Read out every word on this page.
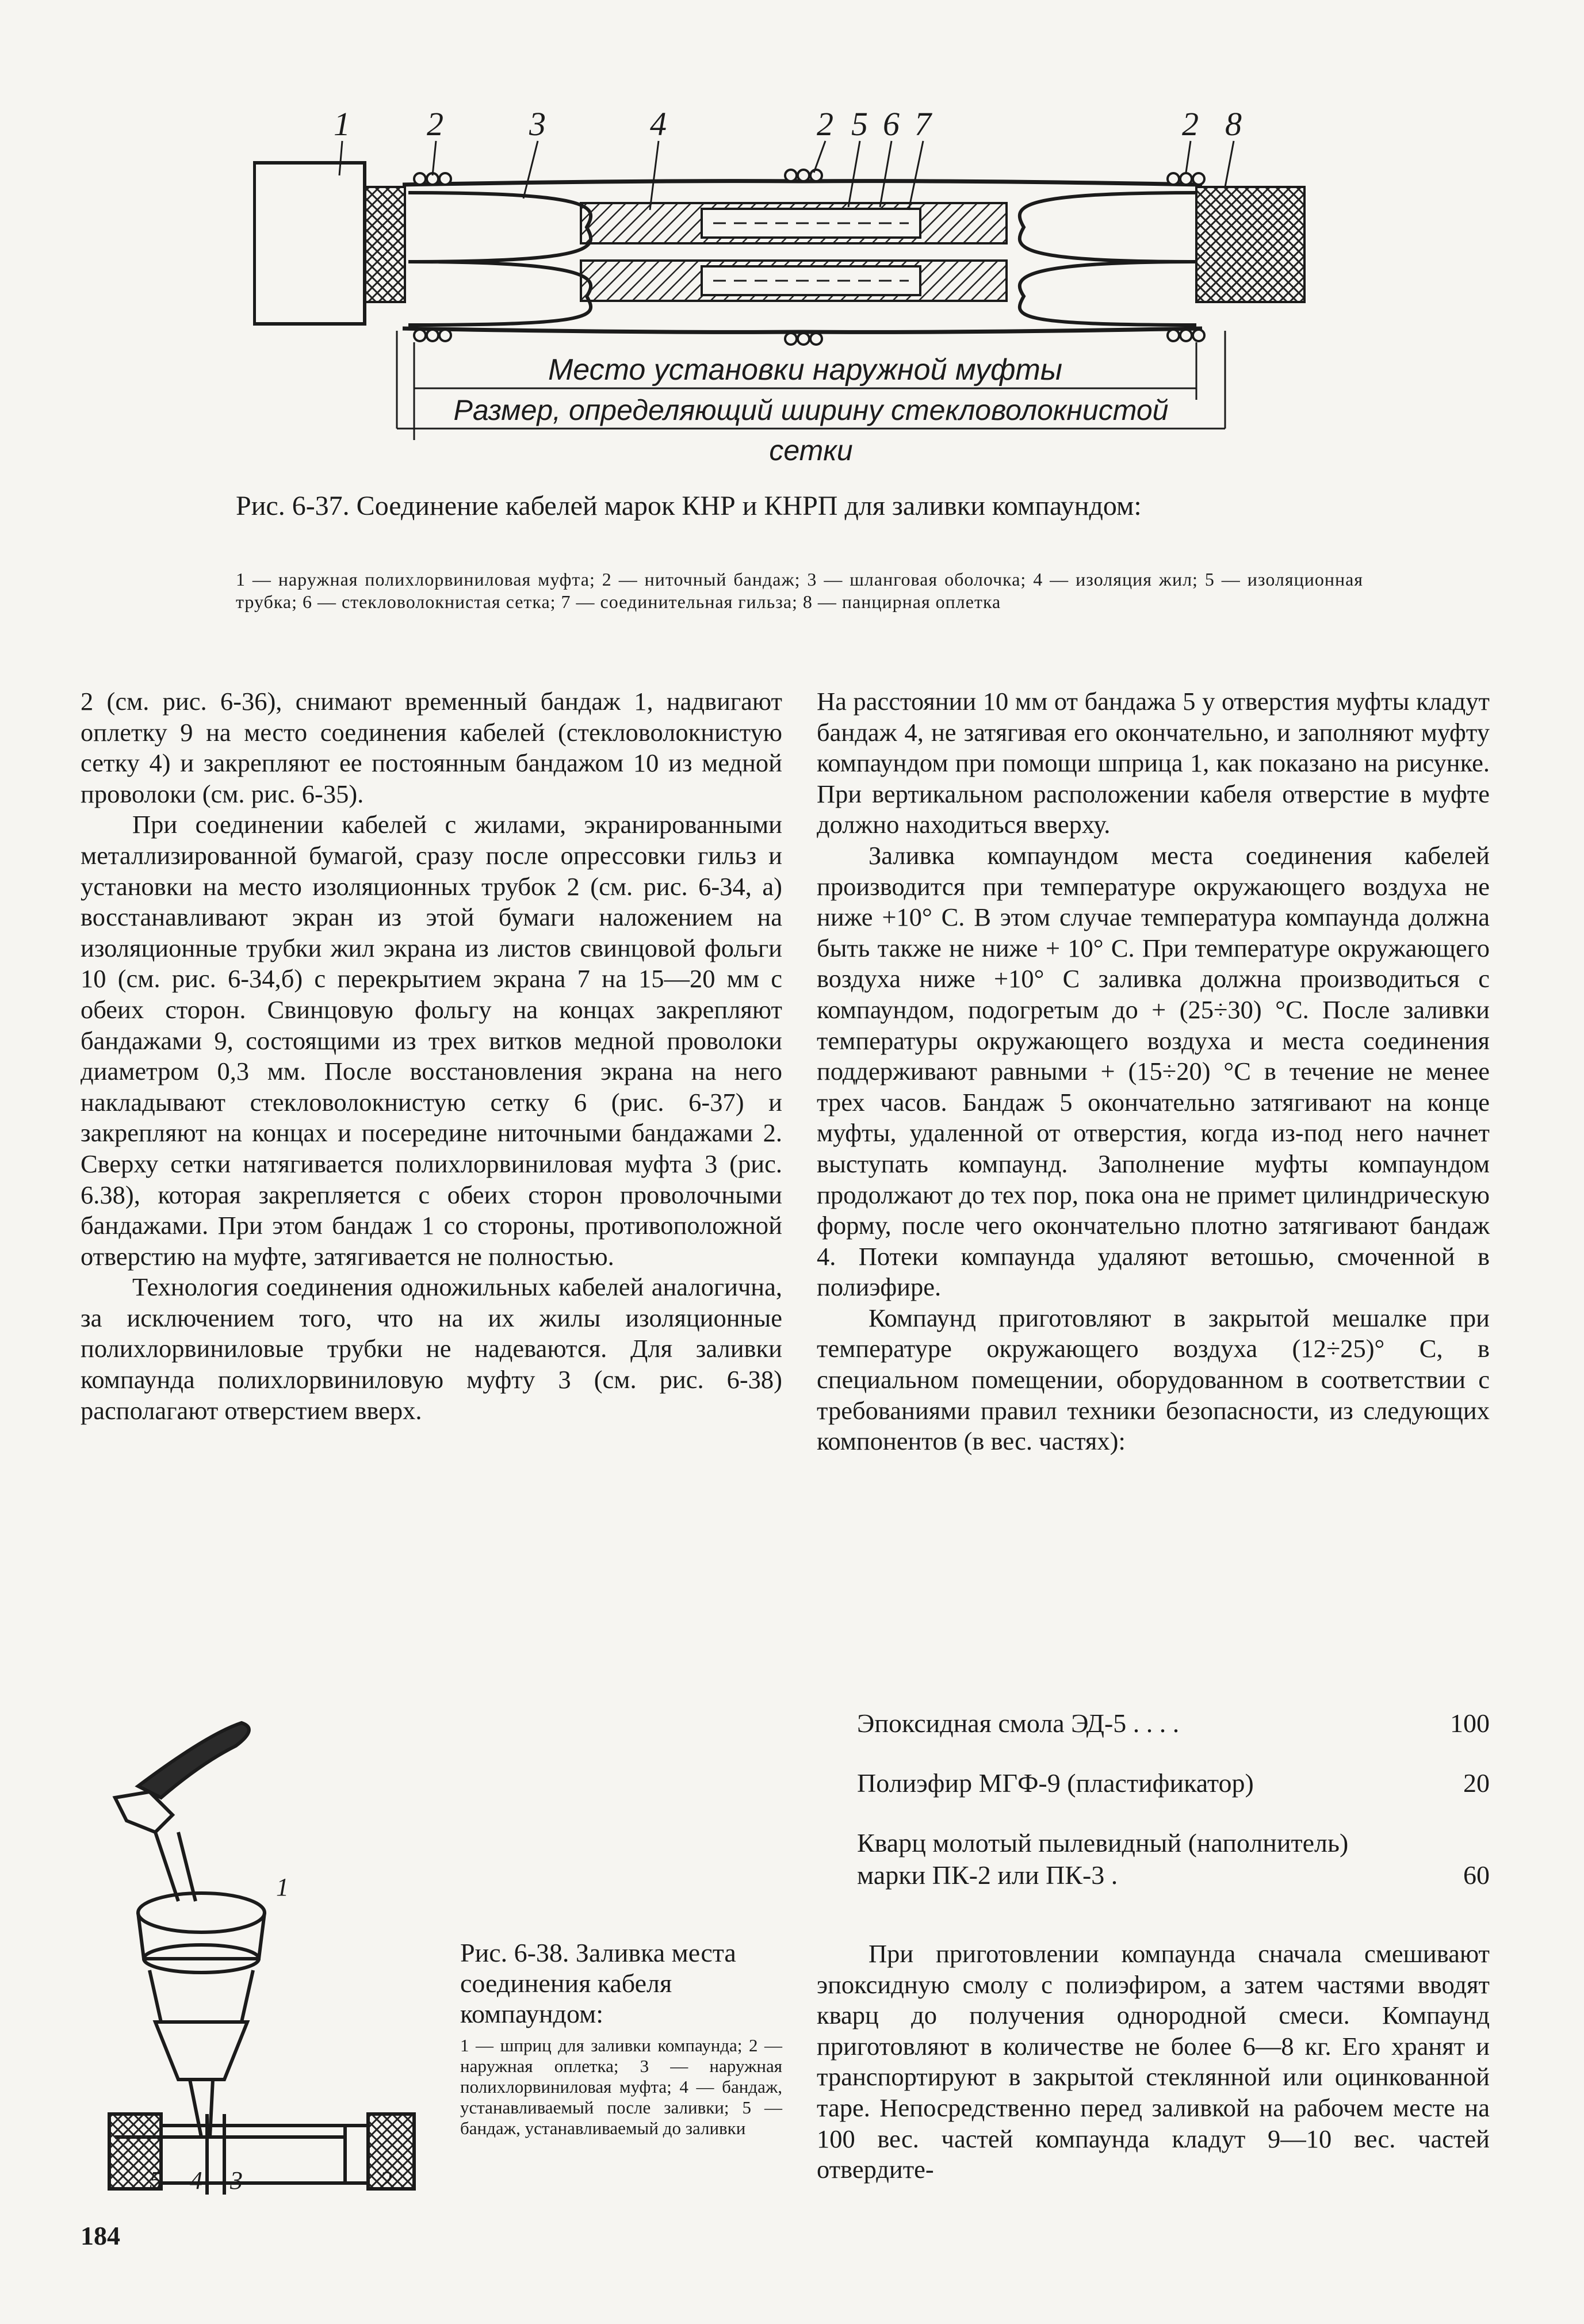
1 2	3	4	2 5 6 7	2 8
Место установки наружной муфты
Размер, определяющий ширину стекловолокнистой
сетки
Рис. 6-37. Соединение кабелей марок КНР и КНРП для заливки компаундом:
1 — наружная полихлорвиниловая муфта; 2 — ниточный бандаж; 3 — шланговая оболочка; 4 — изоляция жил; 5 — изоляционная трубка; 6 — стекловолокнистая сетка; 7 — соединительная гильза; 8 — панцирная оплетка

2 (см. рис. 6-36), снимают временный бандаж 1, надвигают оплетку 9 на место соединения кабелей (стекловолокнистую сетку 4) и закрепляют ее постоянным бандажом 10 из медной проволоки (см. рис. 6-35).

При соединении кабелей с жилами, экранированными металлизированной бумагой, сразу после опрессовки гильз и установки на место изоляционных трубок 2 (см. рис. 6-34, а) восстанавливают экран из этой бумаги наложением на изоляционные трубки жил экрана из листов свинцовой фольги 10 (см. рис. 6-34,б) с перекрытием экрана 7 на 15—20 мм с обеих сторон. Свинцовую фольгу на концах закрепляют бандажами 9, состоящими из трех витков медной проволоки диаметром 0,3 мм. После восстановления экрана на него накладывают стекловолокнистую сетку 6 (рис. 6-37) и закрепляют на концах и посередине ниточными бандажами 2. Сверху сетки натягивается полихлорвиниловая муфта 3 (рис. 6.38), которая закрепляется с обеих сторон проволочными бандажами. При этом бандаж 1 со стороны, противоположной отверстию на муфте, затягивается не полностью.

Технология соединения одножильных кабелей аналогична, за исключением того, что на их жилы изоляционные полихлорвиниловые трубки не надеваются. Для заливки компаунда полихлорвиниловую муфту 3 (см. рис. 6-38) располагают отверстием вверх.

На расстоянии 10 мм от бандажа 5 у отверстия муфты кладут бандаж 4, не затягивая его окончательно, и заполняют муфту компаундом при помощи шприца 1, как показано на рисунке. При вертикальном расположении кабеля отверстие в муфте должно находиться вверху.

Заливка компаундом места соединения кабелей производится при температуре окружающего воздуха не ниже +10° С. В этом случае температура компаунда должна быть также не ниже + 10° С. При температуре окружающего воздуха ниже +10° С заливка должна производиться с компаундом, подогретым до + (25÷30) °С. После заливки температуры окружающего воздуха и места соединения поддерживают равными + (15÷20) °С в течение не менее трех часов. Бандаж 5 окончательно затягивают на конце муфты, удаленной от отверстия, когда из-под него начнет выступать компаунд. Заполнение муфты компаундом продолжают до тех пор, пока она не примет цилиндрическую форму, после чего окончательно плотно затягивают бандаж 4. Потеки компаунда удаляют ветошью, смоченной в полиэфире.

Компаунд приготовляют в закрытой мешалке при температуре окружающего воздуха (12÷25)° С, в специальном помещении, оборудованном в соответствии с требованиями правил техники безопасности, из следующих компонентов (в вес. частях):

Эпоксидная смола ЭД-5 . . . .	100
Полиэфир МГФ-9 (пластификатор)	20
Кварц молотый пылевидный (наполнитель) марки ПК-2 или ПК-3 .	60

При приготовлении компаунда сначала смешивают эпоксидную смолу с полиэфиром, а затем частями вводят кварц до получения однородной смеси. Компаунд приготовляют в количестве не более 6—8 кг. Его хранят и транспортируют в закрытой стеклянной или оцинкованной таре. Непосредственно перед заливкой на рабочем месте на 100 вес. частей компаунда кладут 9—10 вес. частей отвердите-

1
5 4 3	2
Рис. 6-38. Заливка места соединения кабеля компаундом:
1 — шприц для заливки компаунда; 2 — наружная оплетка; 3 — наружная полихлорвиниловая муфта; 4 — бандаж, устанавливаемый после заливки; 5 — бандаж, устанавливаемый до заливки
184
